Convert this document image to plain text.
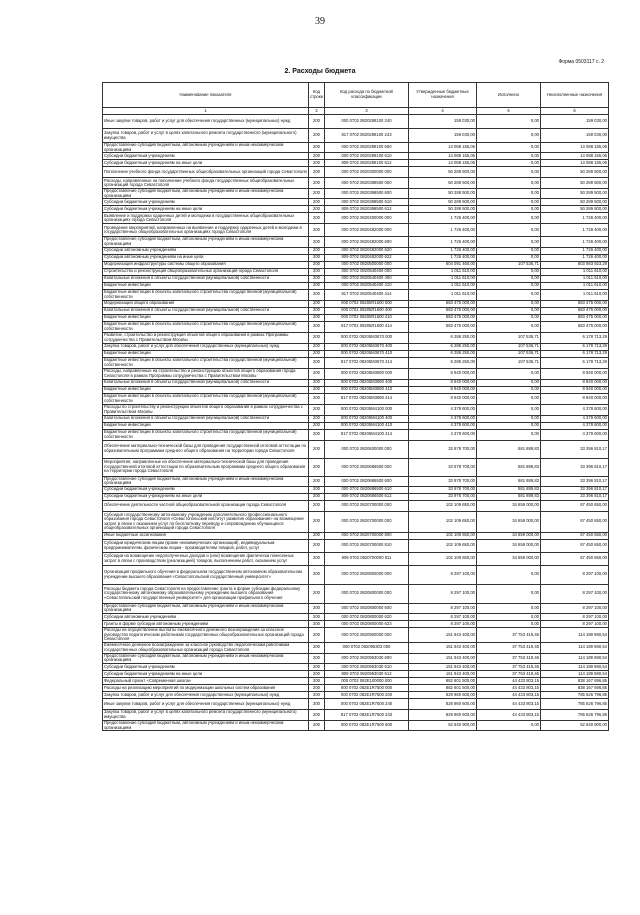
39
Форма 0503117 с. 2
2. Расходы бюджета
Наименование показателя	Код строки	Код расхода по бюджетной классификации	Утвержденные бюджетные назначения	Исполнено	Неисполненные назначения
1	2	3	4	5	6
Иные закупки товаров, работ и услуг для обеспечения государственных (муниципальных) нужд	200	000 0702 0820298100 240	159 030,00	0,00	159 030,00
Закупка товаров, работ и услуг в целях капитального ремонта государственного (муниципального) имущества	200	817 0702 0820298100 243	159 030,00	0,00	159 030,00
Предоставление субсидий бюджетным, автономным учреждениям и иным некоммерческим организациям	200	000 0702 0820298100 600	14 088 155,06	0,00	14 088 155,06
Субсидии бюджетным учреждениям	200	000 0702 0820298100 610	14 088 155,06	0,00	14 088 155,06
Субсидии бюджетным учреждениям на иные цели	200	809 0702 0820298100 612	14 088 155,06	0,00	14 088 155,06
Пополнение учебного фонда государственных общеобразовательных организаций города Севастополя	200	000 0702 0820300000 000	50 289 500,00	0,00	50 289 500,00
Расходы, направленные на пополнение учебного фонда государственных общеобразовательных организаций города Севастополя	200	000 0702 0820398500 000	50 289 500,00	0,00	50 289 500,00
Предоставление субсидий бюджетным, автономным учреждениям и иным некоммерческим организациям	200	000 0702 0820398500 600	50 289 500,00	0,00	50 289 500,00
Субсидии бюджетным учреждениям	200	000 0702 0820398500 610	50 289 500,00	0,00	50 289 500,00
Субсидии бюджетным учреждениям на иные цели	200	809 0702 0820398500 612	50 289 500,00	0,00	50 289 500,00
Выявление и поддержка одаренных детей и молодежи в государственных общеобразовательных организациях города Севастополя	200	000 0702 0820400000 000	1 726 400,00	0,00	1 726 400,00
Проведение мероприятий, направленных на выявление и поддержку одаренных детей и молодежи в государственных общеобразовательных организациях города Севастополя	200	000 0702 0820482000 000	1 726 400,00	0,00	1 726 400,00
Предоставление субсидий бюджетным, автономным учреждениям и иным некоммерческим организациям	200	000 0702 0820482000 600	1 726 400,00	0,00	1 726 400,00
Субсидии автономным учреждениям	200	000 0702 0820482000 620	1 726 400,00	0,00	1 726 400,00
Субсидии автономным учреждениям на иные цели	200	809 0702 0820482000 622	1 726 400,00	0,00	1 726 400,00
Модернизация инфраструктуры системы общего образования	200	000 0702 0820500000 000	604 091 460,00	107 536,71	603 983 923,29
Строительство и реконструкция общеобразовательных организаций города Севастополя	200	000 0702 0820540400 000	1 011 610,00	0,00	1 011 610,00
Капитальные вложения в объекты государственной (муниципальной) собственности	200	000 0702 0820540400 400	1 011 610,00	0,00	1 011 610,00
Бюджетные инвестиции	200	000 0702 0820540400 410	1 011 610,00	0,00	1 011 610,00
Бюджетные инвестиции в объекты капитального строительства государственной (муниципальной) собственности	200	817 0702 0820540400 414	1 011 610,00	0,00	1 011 610,00
Модернизация общего образования	200	000 0702 08205R1600 000	583 475 000,00	0,00	583 475 000,00
Капитальные вложения в объекты государственной (муниципальной) собственности	200	000 0702 08205R1600 400	583 475 000,00	0,00	583 475 000,00
Бюджетные инвестиции	200	000 0702 08205R1600 410	583 475 000,00	0,00	583 475 000,00
Бюджетные инвестиции в объекты капитального строительства государственной (муниципальной) собственности	200	817 0702 08205R1600 414	583 475 000,00	0,00	583 475 000,00
Развитие, строительство и реконструкция объектов общего образования в рамках Программы сотрудничества с Правительством Москвы	200	000 0702 08205M3670 000	6 286 250,00	107 536,71	6 178 713,29
Закупка товаров, работ и услуг для обеспечения государственных (муниципальных) нужд	200	000 0702 08205M3670 400	6 286 250,00	107 536,71	6 178 713,29
Бюджетные инвестиции	200	000 0702 08205M3670 410	6 286 250,00	107 536,71	6 178 713,29
Бюджетные инвестиции в объекты капитального строительства государственной (муниципальной) собственности	200	817 0702 08205M3670 414	6 286 250,00	107 536,71	6 178 713,29
Расходы, направленные на строительство и реконструкцию объектов общего образования города Севастополя в рамках Программы сотрудничества с Правительством Москвы	200	000 0702 08205M3890 000	8 940 000,00	0,00	8 940 000,00
Капитальные вложения в объекты государственной (муниципальной) собственности	200	000 0702 08205M3890 400	8 940 000,00	0,00	8 940 000,00
Бюджетные инвестиции	200	000 0702 08205M3890 410	8 940 000,00	0,00	8 940 000,00
Бюджетные инвестиции в объекты капитального строительства государственной (муниципальной) собственности	200	817 0702 08205M3890 414	8 940 000,00	0,00	8 940 000,00
Расходы по строительству и реконструкции объектов общего образования в рамках сотрудничества с Правительством Москвы	200	000 0702 08205M4100 000	4 378 600,00	0,00	4 378 600,00
Капитальные вложения в объекты государственной (муниципальной) собственности	200	000 0702 08205M4100 400	4 378 600,00	0,00	4 378 600,00
Бюджетные инвестиции	200	000 0702 08205M4100 410	4 378 600,00	0,00	4 378 600,00
Бюджетные инвестиции в объекты капитального строительства государственной (муниципальной) собственности	200	817 0702 08205M4100 414	4 378 600,00	0,00	4 378 600,00
Обеспечение материально-технической базы для проведения государственной итоговой аттестации по образовательным программам среднего общего образования на территории города Севастополя	200	000 0702 0820600000 000	33 978 700,00	581 889,83	33 396 810,17
Мероприятия, направленные на обеспечение материально-технической базы для проведения государственной итоговой аттестации по образовательным программам среднего общего образования на территории города Севастополя	200	000 0702 0820686500 000	33 978 700,00	581 889,83	33 396 810,17
Предоставление субсидий бюджетным, автономным учреждениям и иным некоммерческим организациям	200	000 0702 0820686500 600	33 978 700,00	581 889,83	33 396 810,17
Субсидии бюджетным учреждениям	200	000 0702 0820686500 610	33 978 700,00	581 889,83	33 396 810,17
Субсидии бюджетным учреждениям на иные цели	200	809 0702 0820686500 612	33 978 700,00	581 889,83	33 396 810,17
Обеспечение деятельности частной общеобразовательной организации города Севастополя	200	000 0702 0820700000 000	102 109 650,00	34 659 000,00	67 450 650,00
Субсидия государственному автономному учреждению дополнительного профессионального образования города Севастополя «Севастопольский институт развития образования» на возмещение затрат в связи с оказанием услуг по бесплатному переводу и сопровождению обучающихся общеобразовательных организаций города Севастополя	200	000 0702 0820700000 000	102 109 650,00	34 659 000,00	67 450 650,00
Иные бюджетные ассигнования	200	000 0702 0820700000 800	102 109 650,00	34 659 000,00	67 450 650,00
Субсидии юридическим лицам (кроме некоммерческих организаций), индивидуальным предпринимателям, физическим лицам - производителям товаров, работ, услуг	200	000 0702 0820700000 810	102 109 650,00	34 659 000,00	67 450 650,00
Субсидии на возмещение недополученных доходов и (или) возмещение фактически понесенных затрат в связи с производством (реализацией) товаров, выполнением работ, оказанием услуг	200	809 0702 0820700000 811	102 109 650,00	34 659 000,00	67 450 650,00
Организация профильного обучения в федеральном государственном автономном образовательном учреждении высшего образования «Севастопольский государственный университет»	200	000 0702 0820800000 000	8 297 100,00	0,00	8 297 100,00
Расходы бюджета города Севастополя на предоставление гранта в форме субсидии федеральному государственному автономному образовательному учреждению высшего образования «Севастопольский государственный университет» для организации профильного обучения	200	000 0702 0820800000 000	8 297 100,00	0,00	8 297 100,00
Предоставление субсидий бюджетным, автономным учреждениям и иным некоммерческим организациям	200	000 0702 0820800000 600	8 297 100,00	0,00	8 297 100,00
Субсидии автономным учреждениям	200	000 0702 0820800000 620	8 297 100,00	0,00	8 297 100,00
Гранты в форме субсидии автономным учреждениям	200	000 0702 0820800000 623	8 297 100,00	0,00	8 297 100,00
Расходы на осуществление выплаты ежемесячного денежного вознаграждения за классное руководство педагогическим работникам государственных общеобразовательных организаций города Севастополя	200	000 0702 0820900000 000	151 943 400,00	37 753 419,46	114 189 980,54
Ежемесячное денежное вознаграждение за классное руководство педагогическим работникам государственных общеобразовательных организаций города Севастополя	200	000 0702 082095303 000	151 943 400,00	37 753 419,46	114 189 980,54
Предоставление субсидий бюджетным, автономным учреждениям и иным некоммерческим организациям	200	000 0702 0820953030 600	151 943 400,00	37 753 419,46	114 189 980,54
Субсидии бюджетным учреждениям	200	000 0702 0820953030 610	151 943 400,00	37 753 419,46	114 189 980,54
Субсидии бюджетным учреждениям на иные цели	200	809 0702 0820953030 612	151 943 400,00	37 753 419,46	114 189 980,54
Федеральный проект «Современная школа»	200	000 0702 082Е100000 000	882 601 500,00	44 433 803,15	838 167 696,85
Расходы на реализацию мероприятий по модернизации школьных систем образования	200	000 0702 082Е1R7500 000	882 601 500,00	44 433 803,15	838 167 696,85
Закупка товаров, работ и услуг для обеспечения государственных (муниципальных) нужд	200	000 0702 082Е1R7500 200	829 960 600,00	44 433 803,15	785 526 796,85
Иные закупки товаров, работ и услуг для обеспечения государственных (муниципальных) нужд	200	000 0702 082Е1R7500 240	829 960 600,00	44 433 803,15	785 526 796,85
Закупка товаров, работ и услуг в целях капитального ремонта государственного (муниципального) имущества	200	817 0702 082Е1R7500 243	829 960 600,00	44 433 803,15	785 526 796,85
Предоставление субсидий бюджетным, автономным учреждениям и иным некоммерческим организациям	200	000 0702 082Е1R7500 600	52 640 900,00	0,00	52 640 900,00
